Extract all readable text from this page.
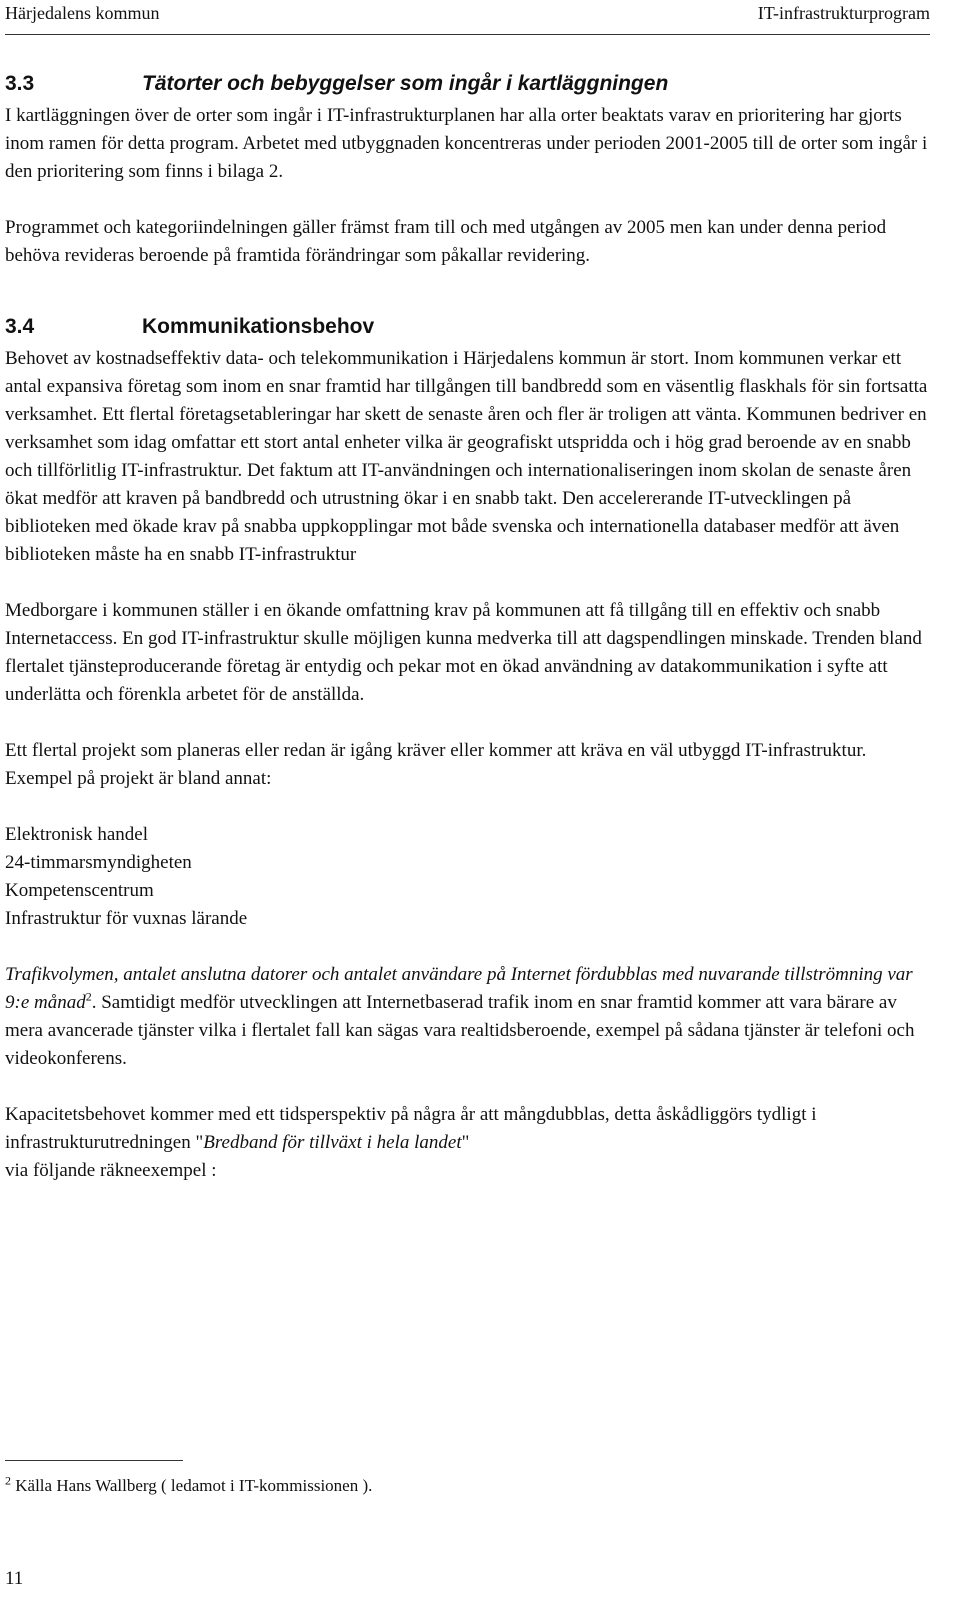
Härjedalens kommun	IT-infrastrukturprogram
3.3	Tätorter och bebyggelser som ingår i kartläggningen

I kartläggningen över de orter som ingår i IT-infrastrukturplanen har alla orter beaktats varav en prioritering har gjorts inom ramen för detta program. Arbetet med utbyggnaden koncentreras under perioden 2001-2005 till de orter som ingår i den prioritering som finns i bilaga 2.

Programmet och kategoriindelningen gäller främst fram till och med utgången av 2005 men kan under denna period behöva revideras beroende på framtida förändringar som påkallar revidering.

3.4	Kommunikationsbehov

Behovet av kostnadseffektiv data- och telekommunikation i Härjedalens kommun är stort. Inom kommunen verkar ett antal expansiva företag som inom en snar framtid har tillgången till bandbredd som en väsentlig flaskhals för sin fortsatta verksamhet. Ett flertal företagsetableringar har skett de senaste åren och fler är troligen att vänta. Kommunen bedriver en verksamhet som idag omfattar ett stort antal enheter vilka är geografiskt utspridda och i hög grad beroende av en snabb och tillförlitlig IT-infrastruktur. Det faktum att IT-användningen och internationaliseringen inom skolan de senaste åren ökat medför att kraven på bandbredd och utrustning ökar i en snabb takt. Den accelererande IT-utvecklingen på biblioteken med ökade krav på snabba uppkopplingar mot både svenska och internationella databaser medför att även biblioteken måste ha en snabb IT-infrastruktur

Medborgare i kommunen ställer i en ökande omfattning krav på kommunen att få tillgång till en effektiv och snabb Internetaccess. En god IT-infrastruktur skulle möjligen kunna medverka till att dagspendlingen minskade. Trenden bland flertalet tjänsteproducerande företag är entydig och pekar mot en ökad användning av datakommunikation i syfte att underlätta och förenkla arbetet för de anställda.

Ett flertal projekt som planeras eller redan är igång kräver eller kommer att kräva en väl utbyggd IT-infrastruktur. Exempel på projekt är bland annat:

Elektronisk handel
24-timmarsmyndigheten
Kompetenscentrum
Infrastruktur för vuxnas lärande

Trafikvolymen, antalet anslutna datorer och antalet användare på Internet fördubblas med nuvarande tillströmning var 9:e månad$^2$. Samtidigt medför utvecklingen att Internetbaserad trafik inom en snar framtid kommer att vara bärare av mera avancerade tjänster vilka i flertalet fall kan sägas vara realtidsberoende, exempel på sådana tjänster är telefoni och videokonferens.

Kapacitetsbehovet kommer med ett tidsperspektiv på några år att mångdubblas, detta åskådliggörs tydligt i infrastrukturutredningen "Bredband för tillväxt i hela landet"
via följande räkneexempel :

$^2$ Källa Hans Wallberg ( ledamot i IT-kommissionen ).
11
